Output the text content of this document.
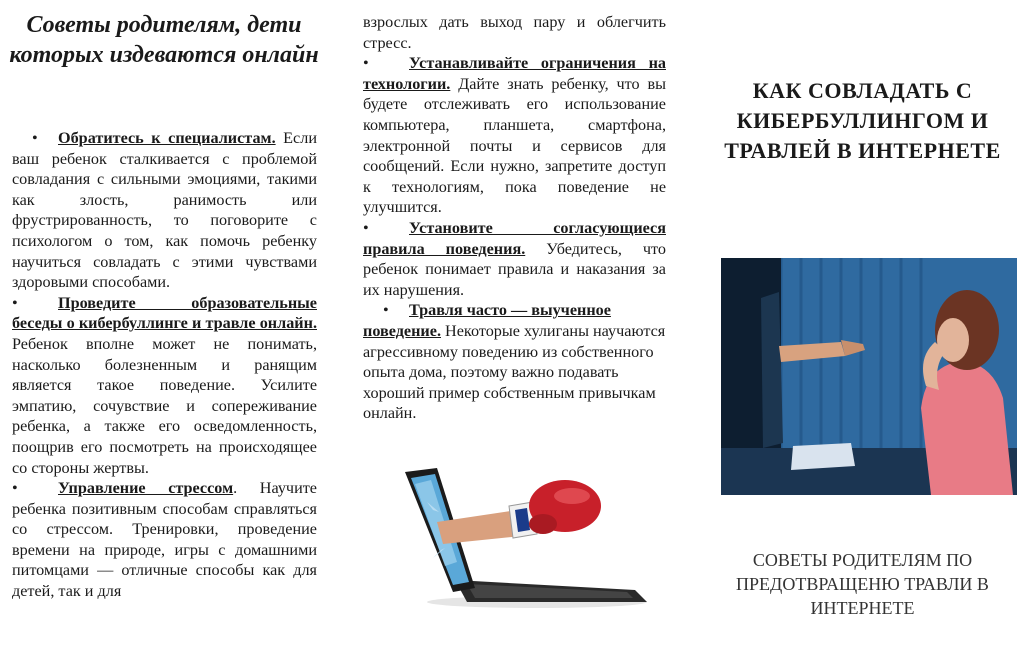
Советы родителям, дети которых издеваются онлайн

• Обратитесь к специалистам. Если ваш ребенок сталкивается с проблемой совладания с сильными эмоциями, такими как злость, ранимость или фрустрированность, то поговорите с психологом о том, как помочь ребенку научиться совладать с этими чувствами здоровыми способами.

• Проведите образовательные беседы о кибербуллинге и травле онлайн. Ребенок вполне может не понимать, насколько болезненным и ранящим является такое поведение. Усилите эмпатию, сочувствие и сопереживание ребенка, а также его осведомленность, поощрив его посмотреть на происходящее со стороны жертвы.

• Управление стрессом. Научите ребенка позитивным способам справляться со стрессом. Тренировки, проведение времени на природе, игры с домашними питомцами — отличные способы как для детей, так и для

взрослых дать выход пару и облегчить стресс.

• Устанавливайте ограничения на технологии. Дайте знать ребенку, что вы будете отслеживать его использование компьютера, планшета, смартфона, электронной почты и сервисов для сообщений. Если нужно, запретите доступ к технологиям, пока поведение не улучшится.

• Установите согласующиеся правила поведения. Убедитесь, что ребенок понимает правила и наказания за их нарушения.

• Травля часто — выученное поведение. Некоторые хулиганы научаются агрессивному поведению из собственного опыта дома, поэтому важно подавать хороший пример собственным привычкам онлайн.

КАК СОВЛАДАТЬ С КИБЕРБУЛЛИНГОМ И ТРАВЛЕЙ В ИНТЕРНЕТЕ

СОВЕТЫ РОДИТЕЛЯМ ПО ПРЕДОТВРАЩЕНЮ ТРАВЛИ В ИНТЕРНЕТЕ
